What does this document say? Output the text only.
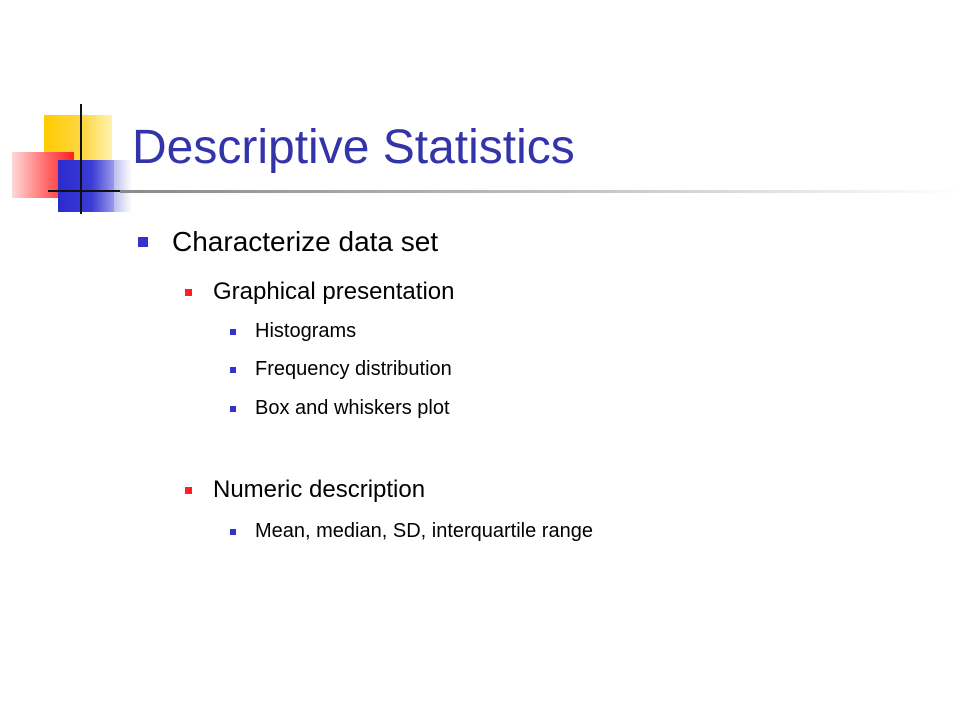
Descriptive Statistics
Characterize data set
Graphical presentation
Histograms
Frequency distribution
Box and whiskers plot
Numeric description
Mean, median, SD, interquartile range
